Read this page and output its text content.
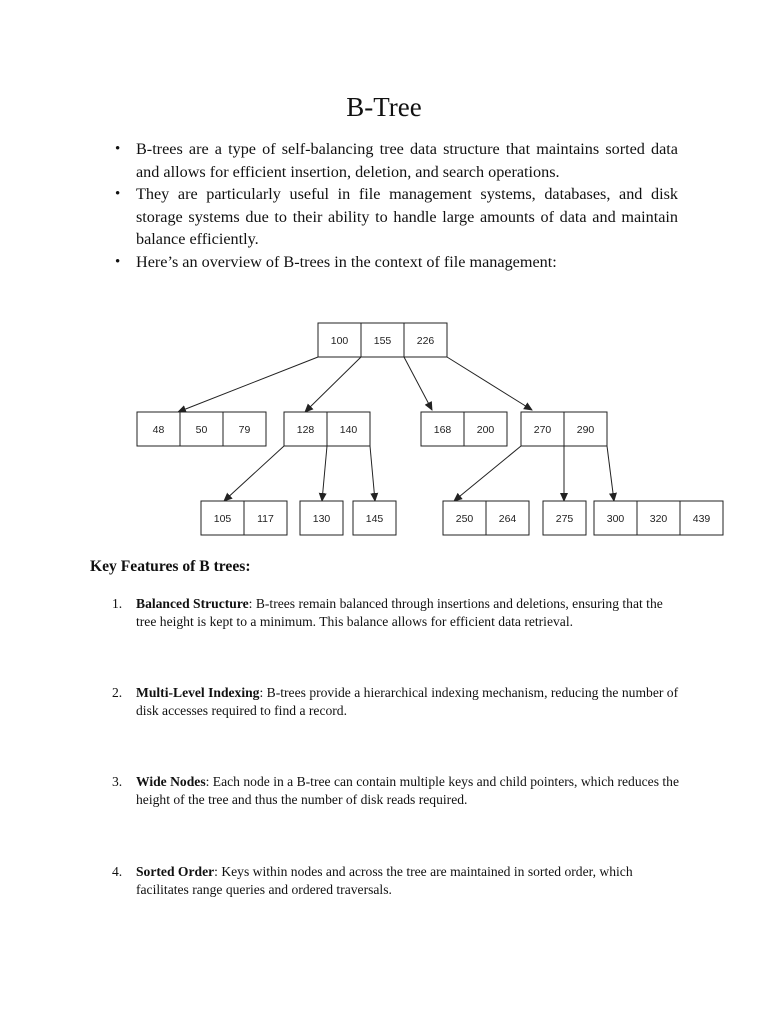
B-Tree
• B-trees are a type of self-balancing tree data structure that maintains sorted data and allows for efficient insertion, deletion, and search operations.
• They are particularly useful in file management systems, databases, and disk storage systems due to their ability to handle large amounts of data and maintain balance efficiently.
• Here’s an overview of B-trees in the context of file management:
100 155 226
48	50	79	128 140	168 200	270 290
105 117	130	145	250 264	275	300 320 439
Key Features of B trees:
1. Balanced Structure: B-trees remain balanced through insertions and deletions, ensuring that the tree height is kept to a minimum. This balance allows for efficient data retrieval.
2. Multi-Level Indexing: B-trees provide a hierarchical indexing mechanism, reducing the number of disk accesses required to find a record.
3. Wide Nodes: Each node in a B-tree can contain multiple keys and child pointers, which reduces the height of the tree and thus the number of disk reads required.
4. Sorted Order: Keys within nodes and across the tree are maintained in sorted order, which facilitates range queries and ordered traversals.
